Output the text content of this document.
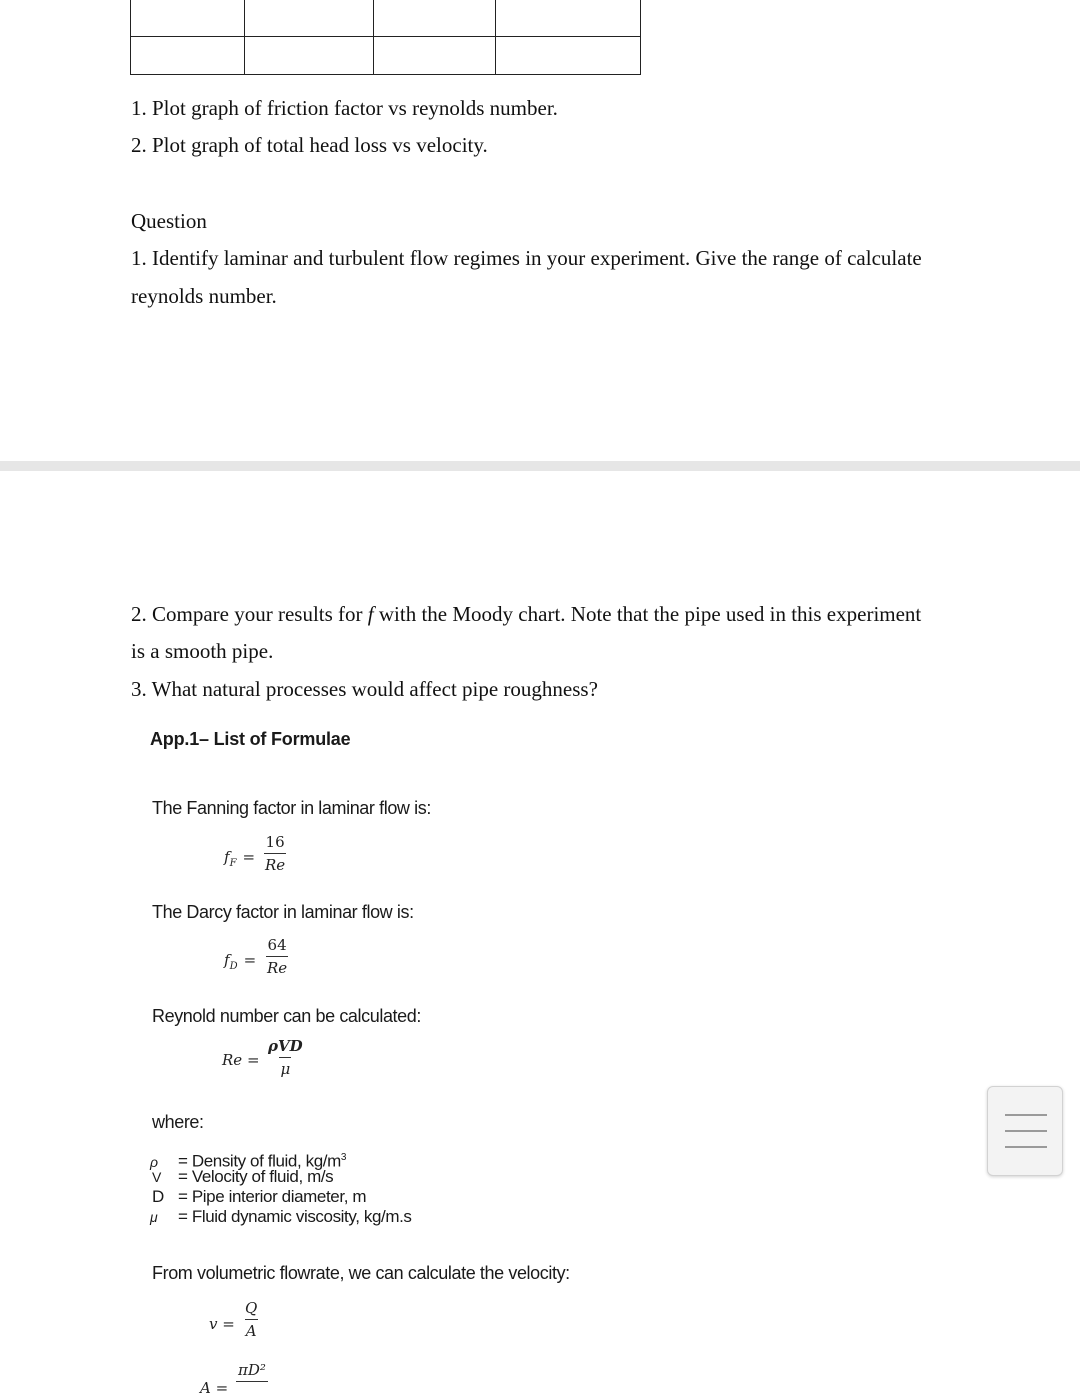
1. Plot graph of friction factor vs reynolds number.
2. Plot graph of total head loss vs velocity.
Question
1. Identify laminar and turbulent flow regimes in your experiment. Give the range of calculate
reynolds number.
2. Compare your results for f with the Moody chart. Note that the pipe used in this experiment
is a smooth pipe.
3. What natural processes would affect pipe roughness?
App.1– List of Formulae
The Fanning factor in laminar flow is:
$f_F = \frac{16}{Re}$
The Darcy factor in laminar flow is:
$f_D = \frac{64}{Re}$
Reynold number can be calculated:
Re =
ρVD
μ
where:
ρ = Density of fluid, $kg/m^3$
V = Velocity of fluid, m/s
D = Pipe interior diameter, m
μ = Fluid dynamic viscosity, kg/m.s
From volumetric flowrate, we can calculate the velocity:
$v = \frac{Q}{A}$
A =
πD²
